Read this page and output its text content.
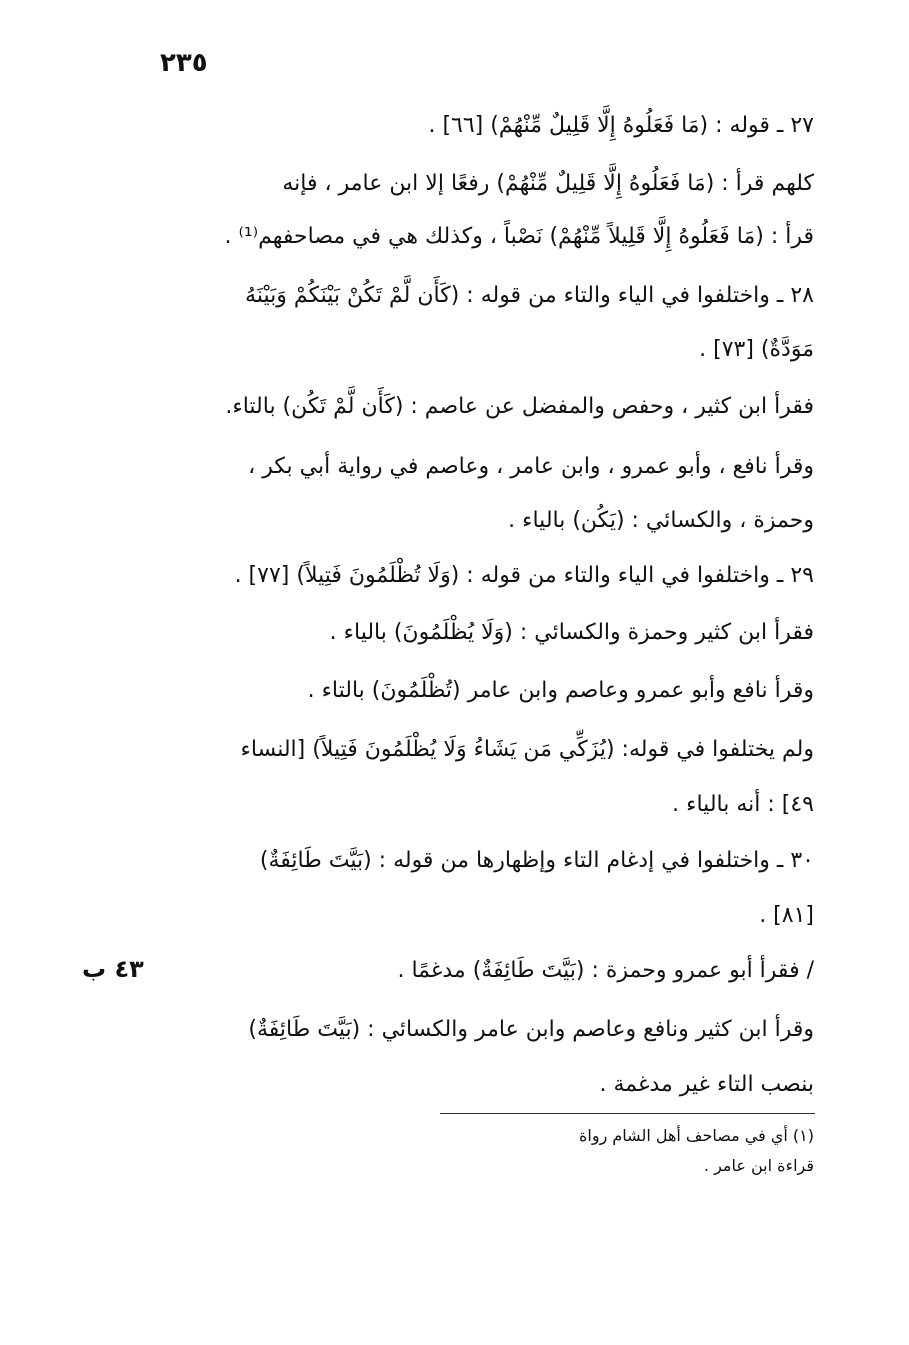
٢٣٥
٢٧ ـ قوله : (مَا فَعَلُوهُ إِلَّا قَلِيلٌ مِّنْهُمْ) [٦٦] .
كلهم قرأ : (مَا فَعَلُوهُ إِلَّا قَلِيلٌ مِّنْهُمْ) رفعًا إلا ابن عامر ، فإنه
قرأ : (مَا فَعَلُوهُ إِلَّا قَلِيلاً مِّنْهُمْ) نَصْباً ، وكذلك هي في مصاحفهم⁽¹⁾ .
٢٨ ـ واختلفوا في الياء والتاء من قوله : (كَأَن لَّمْ تَكُنْ بَيْنَكُمْ وَبَيْنَهُ
مَوَدَّةٌ) [٧٣] .
فقرأ ابن كثير ، وحفص والمفضل عن عاصم : (كَأَن لَّمْ تَكُن) بالتاء.
وقرأ نافع ، وأبو عمرو ، وابن عامر ، وعاصم في رواية أبي بكر ،
وحمزة ، والكسائي : (يَكُن) بالياء .
٢٩ ـ واختلفوا في الياء والتاء من قوله : (وَلَا تُظْلَمُونَ فَتِيلاً) [٧٧] .
فقرأ ابن كثير وحمزة والكسائي : (وَلَا يُظْلَمُونَ) بالياء .
وقرأ نافع وأبو عمرو وعاصم وابن عامر (تُظْلَمُونَ) بالتاء .
ولم يختلفوا في قوله: (يُزَكِّي مَن يَشَاءُ وَلَا يُظْلَمُونَ فَتِيلاً) [النساء
٤٩] : أنه بالياء .
٣٠ ـ واختلفوا في إدغام التاء وإظهارها من قوله : (بَيَّتَ طَائِفَةٌ)
[٨١] .
٤٣ ب	/ فقرأ أبو عمرو وحمزة : (بَيَّتَ طَائِفَةٌ) مدغمًا .
وقرأ ابن كثير ونافع وعاصم وابن عامر والكسائي : (بَيَّتَ طَائِفَةٌ)
بنصب التاء غير مدغمة .
(١) أي في مصاحف أهل الشام رواة
قراءة ابن عامر .
